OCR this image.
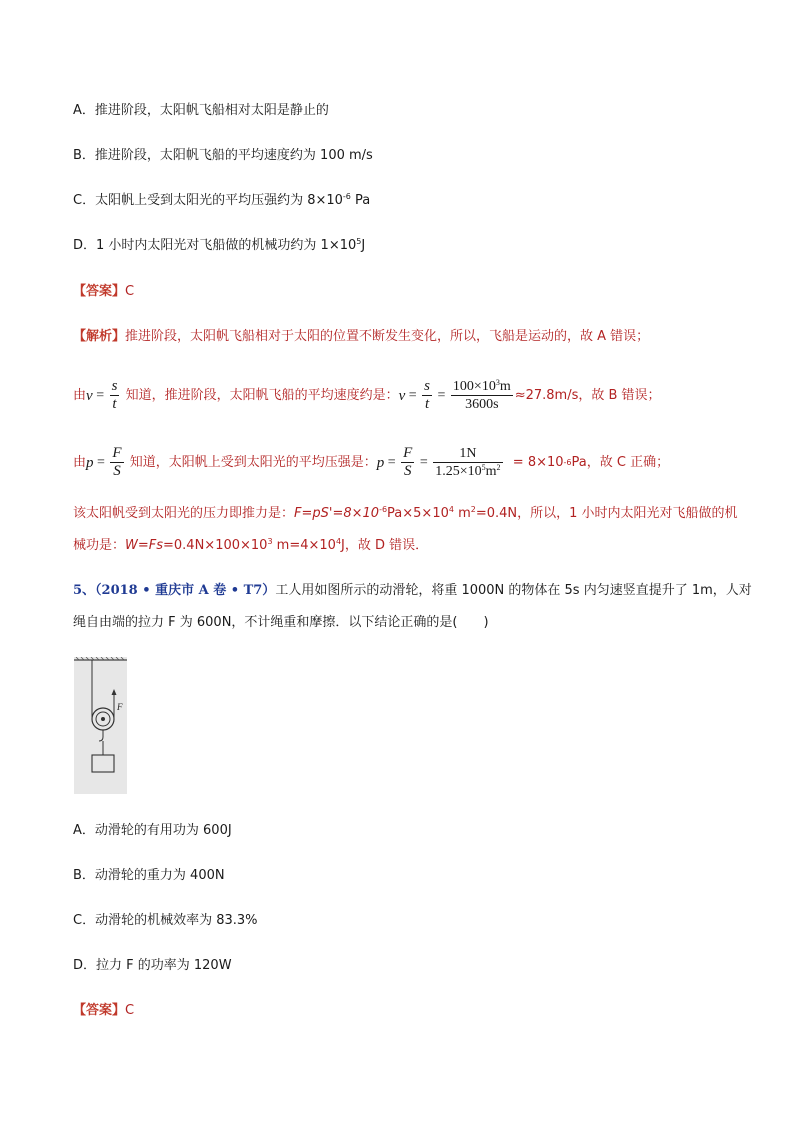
A．推进阶段，太阳帆飞船相对太阳是静止的
B．推进阶段，太阳帆飞船的平均速度约为 100 m/s
C．太阳帆上受到太阳光的平均压强约为 $8\times 10^{-6}$ Pa
D．1 小时内太阳光对飞船做的机械功约为 $1\times 10^5J$
【答案】C
【解析】推进阶段，太阳帆飞船相对于太阳的位置不断发生变化，所以，飞船是运动的，故 A 错误；
由 $v = \frac{s}{t}$
知道，推进阶段，太阳帆飞船的平均速度约是： $v = \frac{s}{t} = \frac{100\times 10^3m}{3600s} \approx 27.8m/s$，故 B 错误；
由 $p = \frac{F}{S}$
知道，太阳帆上受到太阳光的平均压强是： $p = \frac{F}{S} = \frac{1N}{1.25\times 10^5m^2}$
= 8×10 -6 Pa，故 C 正确；
该太阳帆受到太阳光的压力即推力是：$F=pS'=8\times 10^{-6}Pa\times 5\times 10^4$ $m^2=0.4N$，所以，1 小时内太阳光对飞船做的机
械功是：$W=Fs=0.4N\times 100\times 10^3$ $m=4\times 10^4J$，故 D 错误．
5、（2018 • 重庆市 A 卷 • T7）工人用如图所示的动滑轮，将重 1000N 的物体在 5s 内匀速竖直提升了 1m，人对
绳自由端的拉力 F 为 600N，不计绳重和摩擦．以下结论正确的是(　　)
F
A．动滑轮的有用功为 600J
B．动滑轮的重力为 400N
C．动滑轮的机械效率为 83.3%
D．拉力 F 的功率为 120W
【答案】C
